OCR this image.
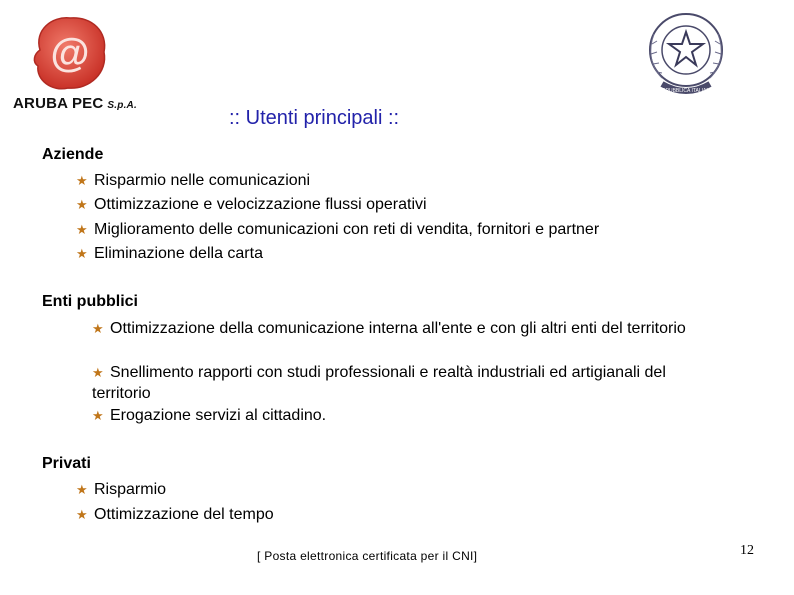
@
ARUBA PEC S.p.A.
REPUBBLICA ITALIANA
:: Utenti principali ::
Aziende
★ Risparmio nelle comunicazioni
★ Ottimizzazione e velocizzazione flussi operativi
★ Miglioramento delle comunicazioni con reti di vendita, fornitori e partner
★ Eliminazione della carta
Enti pubblici
★ Ottimizzazione della comunicazione interna all'ente e con gli altri enti del territorio
★ Snellimento rapporti con studi professionali e realtà industriali ed artigianali del territorio
★ Erogazione servizi al cittadino.
Privati
★ Risparmio
★ Ottimizzazione del tempo
[ Posta elettronica certificata per il CNI]	12
